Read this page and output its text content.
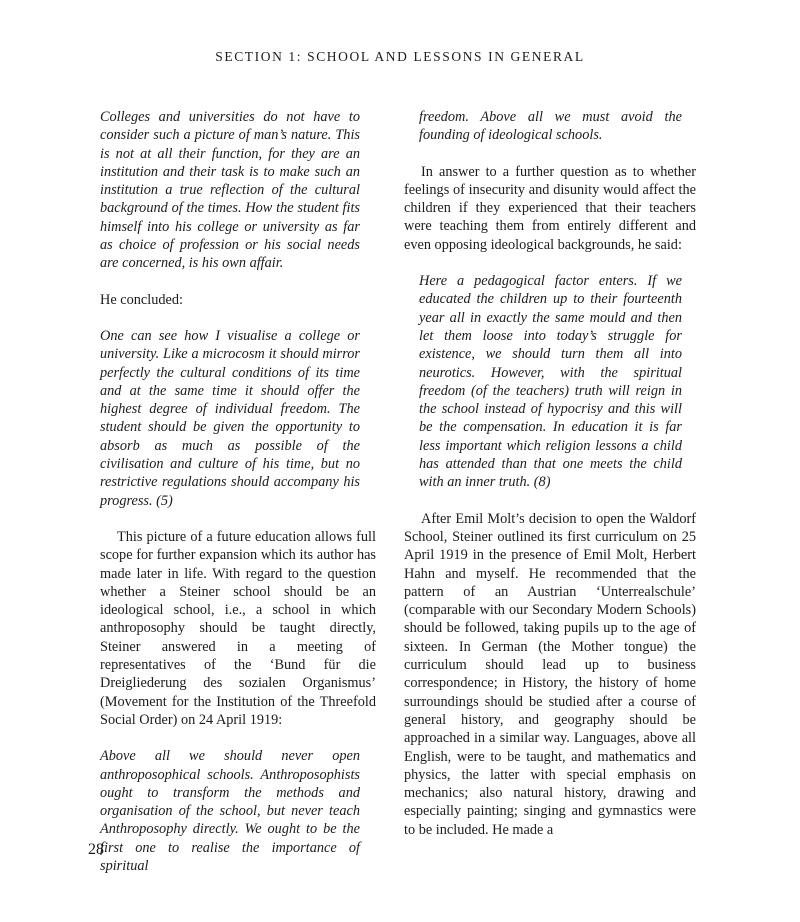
SECTION 1: SCHOOL AND LESSONS IN GENERAL

Colleges and universities do not have to consider such a picture of man’s nature. This is not at all their function, for they are an institution and their task is to make such an institution a true reflection of the cultural background of the times. How the student fits himself into his college or university as far as choice of profession or his social needs are concerned, is his own affair.

He concluded:

One can see how I visualise a college or university. Like a microcosm it should mirror perfectly the cultural conditions of its time and at the same time it should offer the highest degree of individual freedom. The student should be given the opportunity to absorb as much as possible of the civilisation and culture of his time, but no restrictive regulations should accompany his progress. (5)

This picture of a future education allows full scope for further expansion which its author has made later in life. With regard to the question whether a Steiner school should be an ideological school, i.e., a school in which anthroposophy should be taught directly, Steiner answered in a meeting of representatives of the ‘Bund für die Dreigliederung des sozialen Organismus’ (Movement for the Institution of the Threefold Social Order) on 24 April 1919:

Above all we should never open anthroposophical schools. Anthroposophists ought to transform the methods and organisation of the school, but never teach Anthroposophy directly. We ought to be the first one to realise the importance of spiritual

freedom. Above all we must avoid the founding of ideological schools.

In answer to a further question as to whether feelings of insecurity and disunity would affect the children if they experienced that their teachers were teaching them from entirely different and even opposing ideological backgrounds, he said:

Here a pedagogical factor enters. If we educated the children up to their fourteenth year all in exactly the same mould and then let them loose into today’s struggle for existence, we should turn them all into neurotics. However, with the spiritual freedom (of the teachers) truth will reign in the school instead of hypocrisy and this will be the compensation. In education it is far less important which religion lessons a child has attended than that one meets the child with an inner truth. (8)

After Emil Molt’s decision to open the Waldorf School, Steiner outlined its first curriculum on 25 April 1919 in the presence of Emil Molt, Herbert Hahn and myself. He recommended that the pattern of an Austrian ‘Unterrealschule’ (comparable with our Secondary Modern Schools) should be followed, taking pupils up to the age of sixteen. In German (the Mother tongue) the curriculum should lead up to business correspondence; in History, the history of home surroundings should be studied after a course of general history, and geography should be approached in a similar way. Languages, above all English, were to be taught, and mathematics and physics, the latter with special emphasis on mechanics; also natural history, drawing and especially painting; singing and gymnastics were to be included. He made a

28
